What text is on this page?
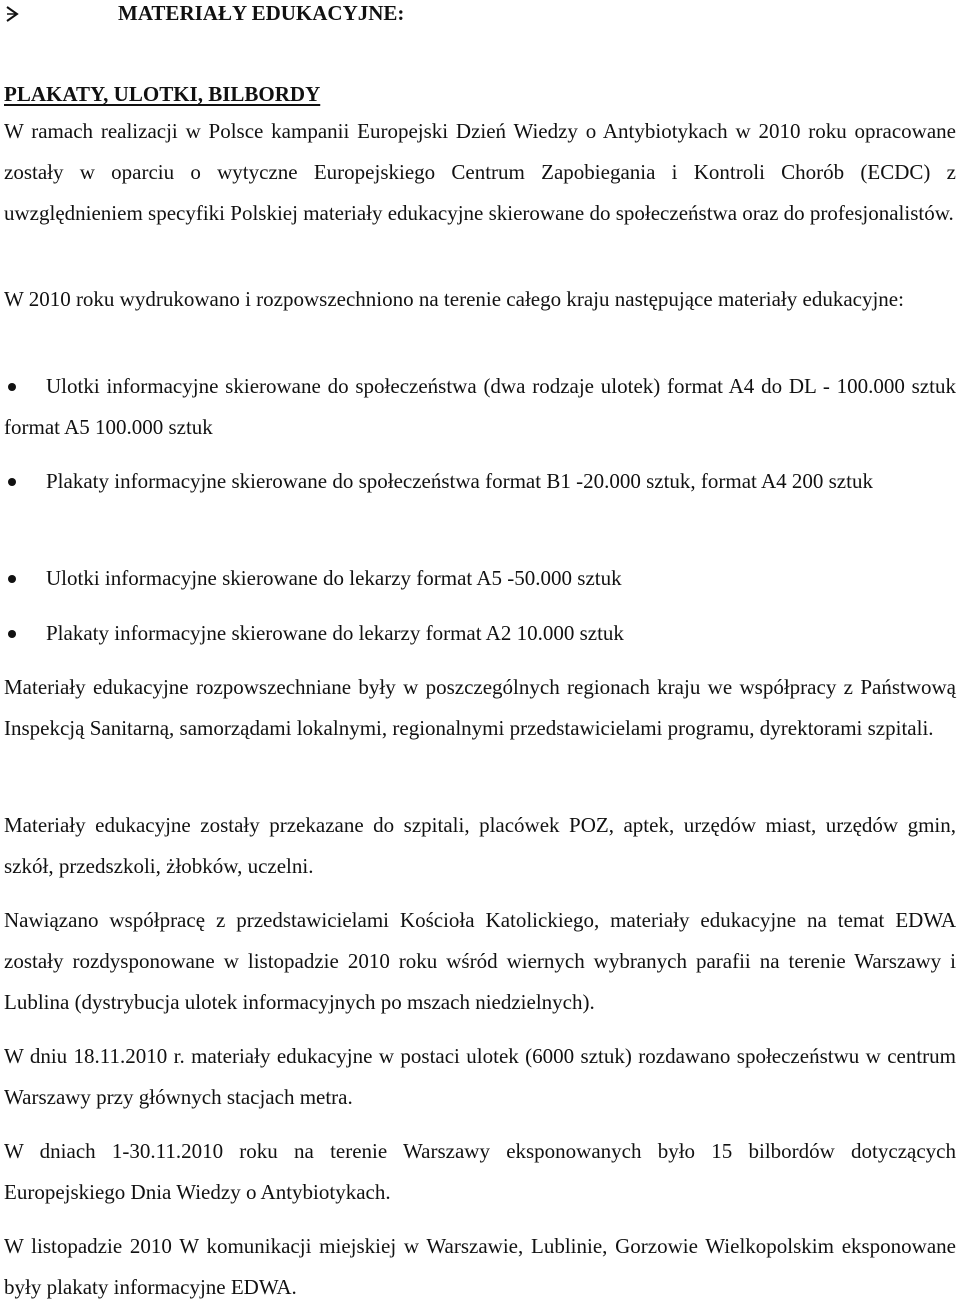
MATERIAŁY EDUKACYJNE:
PLAKATY, ULOTKI, BILBORDY
W ramach realizacji w Polsce kampanii Europejski Dzień Wiedzy o Antybiotykach w 2010 roku opracowane zostały w oparciu o wytyczne Europejskiego Centrum Zapobiegania i Kontroli Chorób (ECDC) z uwzględnieniem specyfiki Polskiej materiały edukacyjne skierowane do społeczeństwa oraz do profesjonalistów.
W 2010 roku wydrukowano i rozpowszechniono na terenie całego kraju następujące materiały edukacyjne:
Ulotki informacyjne skierowane do społeczeństwa (dwa rodzaje ulotek) format A4 do DL - 100.000 sztuk format A5 100.000 sztuk
Plakaty informacyjne skierowane do społeczeństwa format B1 -20.000 sztuk, format A4 200 sztuk
Ulotki informacyjne skierowane do lekarzy format A5 -50.000 sztuk
Plakaty informacyjne skierowane do lekarzy format A2 10.000 sztuk
Materiały edukacyjne rozpowszechniane były w poszczególnych regionach kraju we współpracy z Państwową Inspekcją Sanitarną, samorządami lokalnymi, regionalnymi przedstawicielami programu, dyrektorami szpitali.
Materiały edukacyjne zostały przekazane do szpitali, placówek POZ, aptek, urzędów miast, urzędów gmin, szkół, przedszkoli, żłobków, uczelni.
Nawiązano współpracę z przedstawicielami Kościoła Katolickiego, materiały edukacyjne na temat EDWA zostały rozdysponowane w listopadzie 2010 roku wśród wiernych wybranych parafii na terenie Warszawy i Lublina (dystrybucja ulotek informacyjnych po mszach niedzielnych).
W dniu 18.11.2010 r. materiały edukacyjne w postaci ulotek (6000 sztuk) rozdawano społeczeństwu w centrum Warszawy przy głównych stacjach metra.
W dniach 1-30.11.2010 roku na terenie Warszawy eksponowanych było 15 bilbordów dotyczących Europejskiego Dnia Wiedzy o Antybiotykach.
W listopadzie 2010 W komunikacji miejskiej w Warszawie, Lublinie, Gorzowie Wielkopolskim eksponowane były plakaty informacyjne EDWA.
